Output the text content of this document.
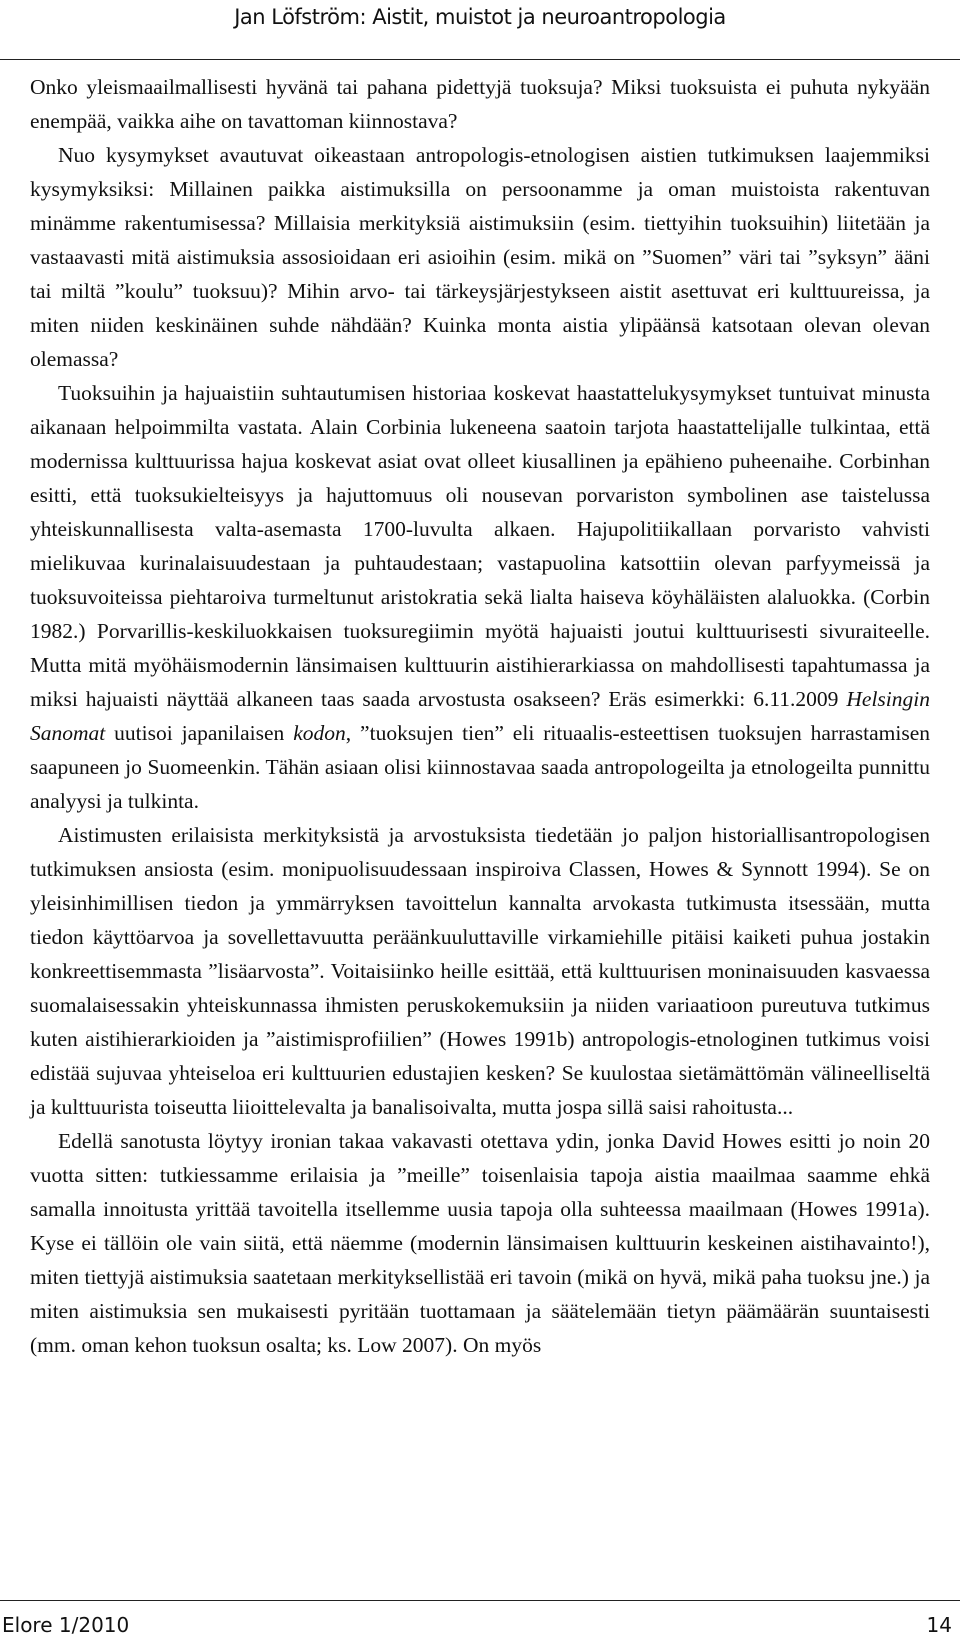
Jan Löfström: Aistit, muistot ja neuroantropologia

Onko yleismaailmallisesti hyvänä tai pahana pidettyjä tuoksuja? Miksi tuoksuista ei puhuta nykyään enempää, vaikka aihe on tavattoman kiinnostava?

Nuo kysymykset avautuvat oikeastaan antropologis-etnologisen aistien tutkimuksen laajemmiksi kysymyksiksi: Millainen paikka aistimuksilla on persoonamme ja oman muistoista rakentuvan minämme rakentumisessa? Millaisia merkityksiä aistimuksiin (esim. tiettyihin tuoksuihin) liitetään ja vastaavasti mitä aistimuksia assosioidaan eri asioihin (esim. mikä on ”Suomen” väri tai ”syksyn” ääni tai miltä ”koulu” tuoksuu)? Mihin arvo- tai tärkeysjärjestykseen aistit asettuvat eri kulttuureissa, ja miten niiden keskinäinen suhde nähdään? Kuinka monta aistia ylipäänsä katsotaan olevan olevan olemassa?

Tuoksuihin ja hajuaistiin suhtautumisen historiaa koskevat haastattelukysymykset tuntuivat minusta aikanaan helpoimmilta vastata. Alain Corbinia lukeneena saatoin tarjota haastattelijalle tulkintaa, että modernissa kulttuurissa hajua koskevat asiat ovat olleet kiusallinen ja epähieno puheenaihe. Corbinhan esitti, että tuoksukielteisyys ja hajuttomuus oli nousevan porvariston symbolinen ase taistelussa yhteiskunnallisesta valta-asemasta 1700-luvulta alkaen. Hajupolitiikallaan porvaristo vahvisti mielikuvaa kurinalaisuudestaan ja puhtaudestaan; vastapuolina katsottiin olevan parfyymeissä ja tuoksuvoiteissa piehtaroiva turmeltunut aristokratia sekä lialta haiseva köyhäläisten alaluokka. (Corbin 1982.) Porvarillis-keskiluokkaisen tuoksuregiimin myötä hajuaisti joutui kulttuurisesti sivuraiteelle. Mutta mitä myöhäismodernin länsimaisen kulttuurin aistihierarkiassa on mahdollisesti tapahtumassa ja miksi hajuaisti näyttää alkaneen taas saada arvostusta osakseen? Eräs esimerkki: 6.11.2009 Helsingin Sanomat uutisoi japanilaisen kodon, ”tuoksujen tien” eli rituaalis-esteettisen tuoksujen harrastamisen saapuneen jo Suomeenkin. Tähän asiaan olisi kiinnostavaa saada antropologeilta ja etnologeilta punnittu analyysi ja tulkinta.

Aistimusten erilaisista merkityksistä ja arvostuksista tiedetään jo paljon historiallisantropologisen tutkimuksen ansiosta (esim. monipuolisuudessaan inspiroiva Classen, Howes & Synnott 1994). Se on yleisinhimillisen tiedon ja ymmärryksen tavoittelun kannalta arvokasta tutkimusta itsessään, mutta tiedon käyttöarvoa ja sovellettavuutta peräänkuuluttaville virkamiehille pitäisi kaiketi puhua jostakin konkreettisemmasta ”lisäarvosta”. Voitaisiinko heille esittää, että kulttuurisen moninaisuuden kasvaessa suomalaisessakin yhteiskunnassa ihmisten peruskokemuksiin ja niiden variaatioon pureutuva tutkimus kuten aistihierarkioiden ja ”aistimisprofiilien” (Howes 1991b) antropologis-etnologinen tutkimus voisi edistää sujuvaa yhteiseloa eri kulttuurien edustajien kesken? Se kuulostaa sietämättömän välineelliseltä ja kulttuurista toiseutta liioittelevalta ja banalisoivalta, mutta jospa sillä saisi rahoitusta...

Edellä sanotusta löytyy ironian takaa vakavasti otettava ydin, jonka David Howes esitti jo noin 20 vuotta sitten: tutkiessamme erilaisia ja ”meille” toisenlaisia tapoja aistia maailmaa saamme ehkä samalla innoitusta yrittää tavoitella itsellemme uusia tapoja olla suhteessa maailmaan (Howes 1991a). Kyse ei tällöin ole vain siitä, että näemme (modernin länsimaisen kulttuurin keskeinen aistihavainto!), miten tiettyjä aistimuksia saatetaan merkityksellistää eri tavoin (mikä on hyvä, mikä paha tuoksu jne.) ja miten aistimuksia sen mukaisesti pyritään tuottamaan ja säätelemään tietyn päämäärän suuntaisesti (mm. oman kehon tuoksun osalta; ks. Low 2007). On myös

Elore 1/2010	14
